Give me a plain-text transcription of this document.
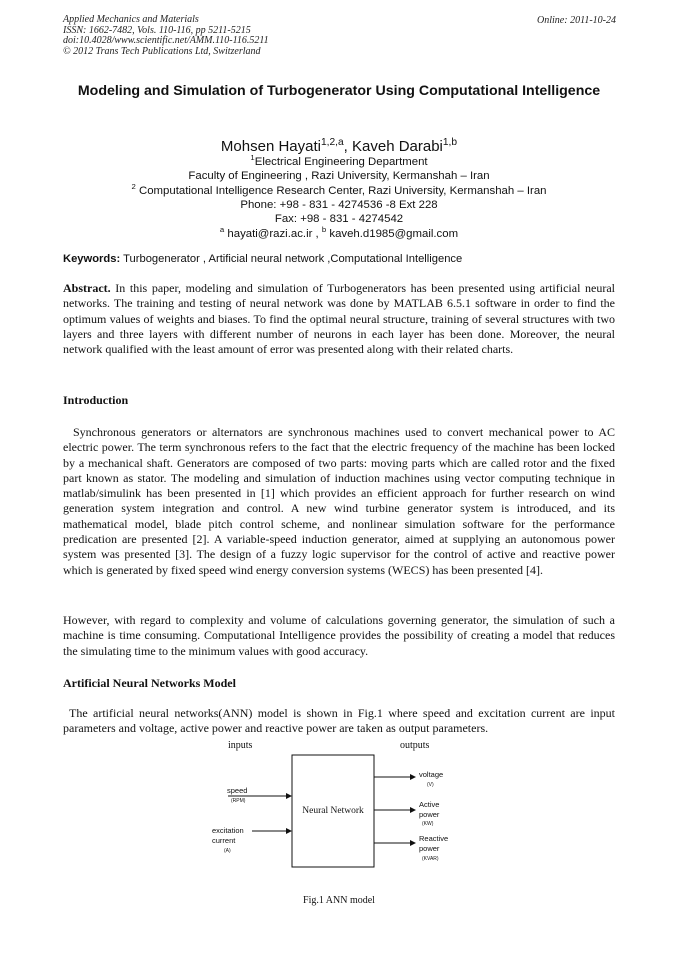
Applied Mechanics and Materials
ISSN: 1662-7482, Vols. 110-116, pp 5211-5215
doi:10.4028/www.scientific.net/AMM.110-116.5211
© 2012 Trans Tech Publications Ltd, Switzerland
Online: 2011-10-24
Modeling and Simulation of Turbogenerator Using Computational Intelligence
Mohsen Hayati$^{1,2,a}$, Kaveh Darabi$^{1,b}$
$^1$Electrical Engineering Department
Faculty of Engineering , Razi University, Kermanshah – Iran
$^2$ Computational Intelligence Research Center, Razi University, Kermanshah – Iran
Phone: +98 - 831 - 4274536 -8 Ext 228
Fax: +98 - 831 - 4274542
$^a$ hayati@razi.ac.ir , $^b$ kaveh.d1985@gmail.com
Keywords: Turbogenerator , Artificial neural network ,Computational Intelligence
Abstract. In this paper, modeling and simulation of Turbogenerators has been presented using artificial neural networks. The training and testing of neural network was done by MATLAB 6.5.1 software in order to find the optimum values of weights and biases. To find the optimal neural structure, training of several structures with two layers and three layers with different number of neurons in each layer has been done. Moreover, the neural network qualified with the least amount of error was presented along with their related charts.
Introduction
Synchronous generators or alternators are synchronous machines used to convert mechanical power to AC electric power. The term synchronous refers to the fact that the electric frequency of the machine has been locked by a mechanical shaft. Generators are composed of two parts: moving parts which are called rotor and the fixed part known as stator. The modeling and simulation of induction machines using vector computing technique in matlab/simulink has been presented in [1] which provides an efficient approach for further research on wind generation system integration and control. A new wind turbine generator system is introduced, and its mathematical model, blade pitch control scheme, and nonlinear simulation software for the performance predication are presented [2]. A variable-speed induction generator, aimed at supplying an autonomous power system was presented [3]. The design of a fuzzy logic supervisor for the control of active and reactive power which is generated by fixed speed wind energy conversion systems (WECS) has been presented [4].
However, with regard to complexity and volume of calculations governing generator, the simulation of such a machine is time consuming. Computational Intelligence provides the possibility of creating a model that reduces the simulating time to the minimum values with good accuracy.
Artificial Neural Networks Model
The artificial neural networks(ANN) model is shown in Fig.1 where speed and excitation current are input parameters and voltage, active power and reactive power are taken as output parameters.
inputs	outputs
Neural Network
speed
(RPM)
excitation
current
(A)
voltage
(V)
Active
power
(KW)
Reactive
power
(KVAR)
Fig.1 ANN model
